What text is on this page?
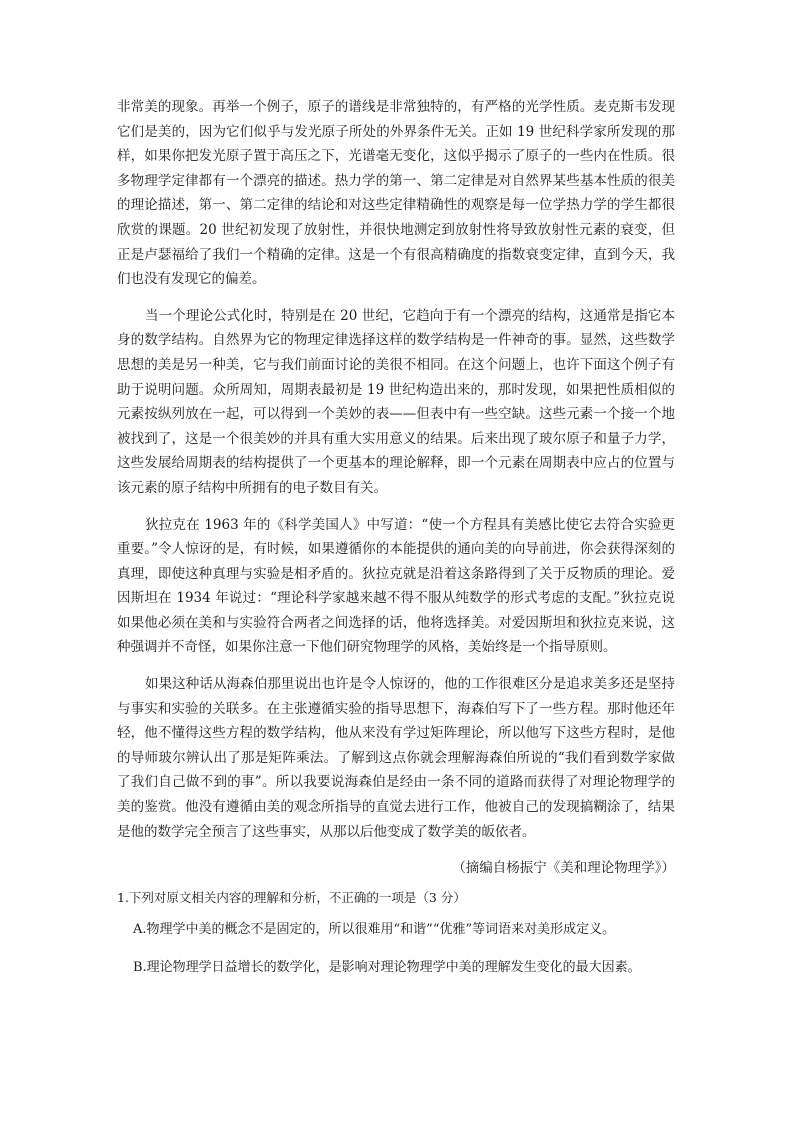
非常美的现象。再举一个例子，原子的谱线是非常独特的，有严格的光学性质。麦克斯韦发现它们是美的，因为它们似乎与发光原子所处的外界条件无关。正如 19 世纪科学家所发现的那样，如果你把发光原子置于高压之下，光谱毫无变化，这似乎揭示了原子的一些内在性质。很多物理学定律都有一个漂亮的描述。热力学的第一、第二定律是对自然界某些基本性质的很美的理论描述，第一、第二定律的结论和对这些定律精确性的观察是每一位学热力学的学生都很欣赏的课题。20 世纪初发现了放射性，并很快地测定到放射性将导致放射性元素的衰变，但正是卢瑟福给了我们一个精确的定律。这是一个有很高精确度的指数衰变定律，直到今天，我们也没有发现它的偏差。

当一个理论公式化时，特别是在 20 世纪，它趋向于有一个漂亮的结构，这通常是指它本身的数学结构。自然界为它的物理定律选择这样的数学结构是一件神奇的事。显然，这些数学思想的美是另一种美，它与我们前面讨论的美很不相同。在这个问题上，也许下面这个例子有助于说明问题。众所周知，周期表最初是 19 世纪构造出来的，那时发现，如果把性质相似的元素按纵列放在一起，可以得到一个美妙的表——但表中有一些空缺。这些元素一个接一个地被找到了，这是一个很美妙的并具有重大实用意义的结果。后来出现了玻尔原子和量子力学，这些发展给周期表的结构提供了一个更基本的理论解释，即一个元素在周期表中应占的位置与该元素的原子结构中所拥有的电子数目有关。

狄拉克在 1963 年的《科学美国人》中写道：“使一个方程具有美感比使它去符合实验更重要。”令人惊讶的是，有时候，如果遵循你的本能提供的通向美的向导前进，你会获得深刻的真理，即使这种真理与实验是相矛盾的。狄拉克就是沿着这条路得到了关于反物质的理论。爱因斯坦在 1934 年说过：“理论科学家越来越不得不服从纯数学的形式考虑的支配。”狄拉克说如果他必须在美和与实验符合两者之间选择的话，他将选择美。对爱因斯坦和狄拉克来说，这种强调并不奇怪，如果你注意一下他们研究物理学的风格，美始终是一个指导原则。

如果这种话从海森伯那里说出也许是令人惊讶的，他的工作很难区分是追求美多还是坚持与事实和实验的关联多。在主张遵循实验的指导思想下，海森伯写下了一些方程。那时他还年轻，他不懂得这些方程的数学结构，他从来没有学过矩阵理论，所以他写下这些方程时，是他的导师玻尔辨认出了那是矩阵乘法。了解到这点你就会理解海森伯所说的“我们看到数学家做了我们自己做不到的事”。所以我要说海森伯是经由一条不同的道路而获得了对理论物理学的美的鉴赏。他没有遵循由美的观念所指导的直觉去进行工作，他被自己的发现搞糊涂了，结果是他的数学完全预言了这些事实，从那以后他变成了数学美的皈依者。

（摘编自杨振宁《美和理论物理学》）

1.下列对原文相关内容的理解和分析，不正确的一项是（3 分）

A.物理学中美的概念不是固定的，所以很难用“和谐”“优雅”等词语来对美形成定义。

B.理论物理学日益增长的数学化，是影响对理论物理学中美的理解发生变化的最大因素。
